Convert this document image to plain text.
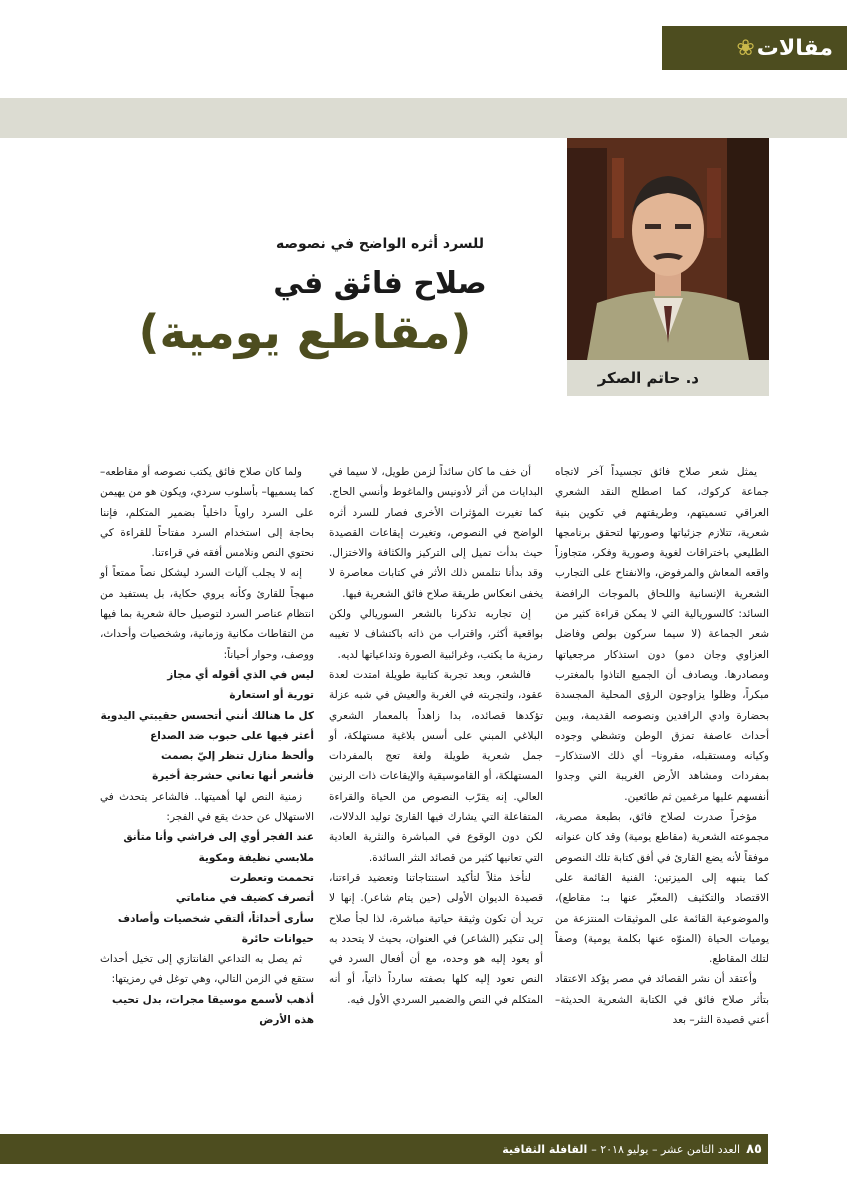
مقالات
❀
د. حاتم الصكر
للسرد أثره الواضح في نصوصه
صلاح فائق في
(مقاطع يومية)

يمثل شعر صلاح فائق تجسيداً آخر لاتجاه جماعة كركوك، كما اصطلح النقد الشعري العراقي تسميتهم، وطريقتهم في تكوين بنية شعرية، تتلازم جزئياتها وصورتها لتحقق برنامجها الطليعي باختراقات لغوية وصورية وفكر، متجاوزاً واقعه المعاش والمرفوض، والانفتاح على التجارب الشعرية الإنسانية واللحاق بالموجات الرافضة السائد: كالسوريالية التي لا يمكن قراءة كثير من شعر الجماعة (لا سيما سركون بولص وفاضل العزاوي وجان دمو) دون استذكار مرجعياتها ومصادرها. ويصادف أن الجميع التاذوا بالمغترب مبكراً، وظلوا يزاوجون الرؤى المحلية المجسدة بحضارة وادي الرافدين ونصوصه القديمة، وبين أحداث عاصفة تمزق الوطن وتشظي وجوده وكيانه ومستقبله، مقرونا– أي ذلك الاستذكار– بمفردات ومشاهد الأرض الغريبة التي وجدوا أنفسهم عليها مرغمين ثم طائعين.

مؤخراً صدرت لصلاح فائق، بطبعة مصرية، مجموعته الشعرية (مقاطع يومية) وقد كان عنوانه موفقاً لأنه يضع القارئ في أفق كتابة تلك النصوص كما ينبهه إلى الميزتين: الفنية القائمة على الاقتصاد والتكثيف (المعبّر عنها بـ: مقاطع)، والموضوعية القائمة على الموثيقات المنتزعة من يوميات الحياة (المنوّه عنها بكلمة يومية) وصفاً لتلك المقاطع.

وأعتقد أن نشر القصائد في مصر يؤكد الاعتقاد بتأثر صلاح فائق في الكتابة الشعرية الحديثة– أعني قصيدة النثر– بعد

أن خف ما كان سائداً لزمن طويل، لا سيما في البدايات من أثر لأدونيس والماغوط وأنسي الحاج. كما تغيرت المؤثرات الأخرى فصار للسرد أثره الواضح في النصوص، وتغيرت إيقاعات القصيدة حيث بدأت تميل إلى التركيز والكثافة والاختزال. وقد بدأنا نتلمس ذلك الأثر في كتابات معاصرة لا يخفى انعكاس طريقة صلاح فائق الشعرية فيها.

إن تجاربه تذكرنا بالشعر السوريالي ولكن بواقعية أكثر، واقتراب من ذاته باكتشاف لا تغيبه رمزية ما يكتب، وغرائبية الصورة وتداعياتها لديه.

فالشعر، وبعد تجربة كتابية طويلة امتدت لعدة عقود، ولتجربته في الغربة والعيش في شبه عزلة تؤكدها قصائده، بدا زاهداً بالمعمار الشعري البلاغي المبني على أسس بلاغية مستهلكة، أو جمل شعرية طويلة ولغة تعج بالمفردات المستهلكة، أو القاموسيقية والإيقاعات ذات الرنين العالي. إنه يقرّب النصوص من الحياة والقراءة المتفاعلة التي يشارك فيها القارئ توليد الدلالات، لكن دون الوقوع في المباشرة والنثرية العادية التي تعانيها كثير من قصائد النثر السائدة.

لنأخذ مثلاً لتأكيد استنتاجاتنا وتعضيد قراءتنا، قصيدة الديوان الأولى (حين يتام شاعر). إنها لا تريد أن تكون وثيقة حياتية مباشرة، لذا لجأ صلاح إلى تنكير (الشاعر) في العنوان، بحيث لا يتحدد به أو يعود إليه هو وحده، مع أن أفعال السرد في النص تعود إليه كلها بصفته سارداً ذاتياً، أو أنه المتكلم في النص والضمير السردي الأول فيه.

ولما كان صلاح فائق يكتب نصوصه أو مقاطعه– كما يسميها– بأسلوب سردي، ويكون هو من يهيمن على السرد راوياً داخلياً بضمير المتكلم، فإننا بحاجة إلى استخدام السرد مفتاحاً للقراءة كي نحتوي النص ونلامس أفقه في قراءتنا.

إنه لا يجلب آليات السرد ليشكل نصاً ممتعاً أو مبهجاً للقارئ وكأنه يروي حكاية، بل يستفيد من انتظام عناصر السرد لتوصيل حالة شعرية بما فيها من التقاطات مكانية وزمانية، وشخصيات وأحداث، ووصف، وحوار أحياناً:

ليس في الذي أقوله أي مجاز

تورية أو استعارة

كل ما هنالك أنني أتحسس حقيبتي اليدوية

أعثر فيها على حبوب ضد الصداع

وألحظ منازل تنظر إليّ بصمت

فأشعر أنها تعاني حشرجة أخيرة

زمنية النص لها أهميتها.. فالشاعر يتحدث في الاستهلال عن حدث يقع في الفجر:

عند الفجر أوي إلى فراشي وأنا متأنق

ملابسي نظيفة ومكوية

تحممت وتعطرت

أتصرف كضيف في مناماتي

سأرى أحداثاً، ألتقي شخصيات وأصادف

حيوانات حائرة

ثم يصل به التداعي الفانتازي إلى تخيل أحداث ستقع في الزمن التالي، وهي توغل في رمزيتها:

أذهب لأسمع موسيقا مجرات، بدل تحيب

هذه الأرض

٨٥
العدد الثامن عشر – يوليو ٢٠١٨ –
القافلة الثقافية
